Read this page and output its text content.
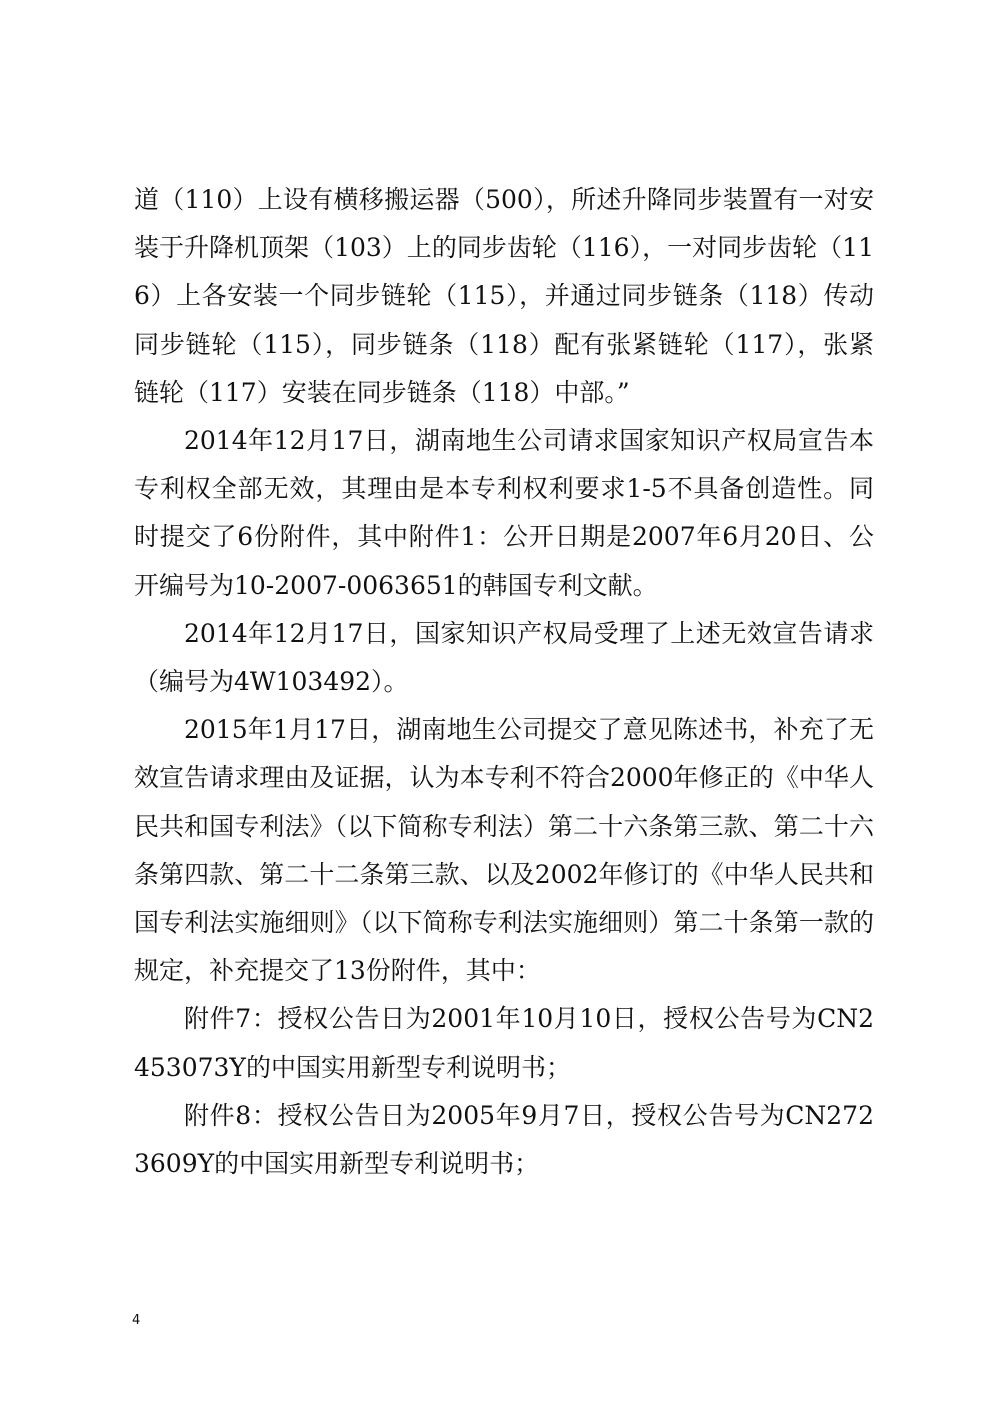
道（110）上设有横移搬运器（500），所述升降同步装置有一对安装于升降机顶架（103）上的同步齿轮（116），一对同步齿轮（116）上各安装一个同步链轮（115），并通过同步链条（118）传动同步链轮（115），同步链条（118）配有张紧链轮（117），张紧链轮（117）安装在同步链条（118）中部。”

2014年12月17日，湖南地生公司请求国家知识产权局宣告本专利权全部无效，其理由是本专利权利要求1-5不具备创造性。同时提交了6份附件，其中附件1：公开日期是2007年6月20日、公开编号为10-2007-0063651的韩国专利文献。

2014年12月17日，国家知识产权局受理了上述无效宣告请求（编号为4W103492）。

2015年1月17日，湖南地生公司提交了意见陈述书，补充了无效宣告请求理由及证据，认为本专利不符合2000年修正的《中华人民共和国专利法》（以下简称专利法）第二十六条第三款、第二十六条第四款、第二十二条第三款、以及2002年修订的《中华人民共和国专利法实施细则》（以下简称专利法实施细则）第二十条第一款的规定，补充提交了13份附件，其中：

附件7：授权公告日为2001年10月10日，授权公告号为CN2453073Y的中国实用新型专利说明书；

附件8：授权公告日为2005年9月7日，授权公告号为CN2723609Y的中国实用新型专利说明书；

4
